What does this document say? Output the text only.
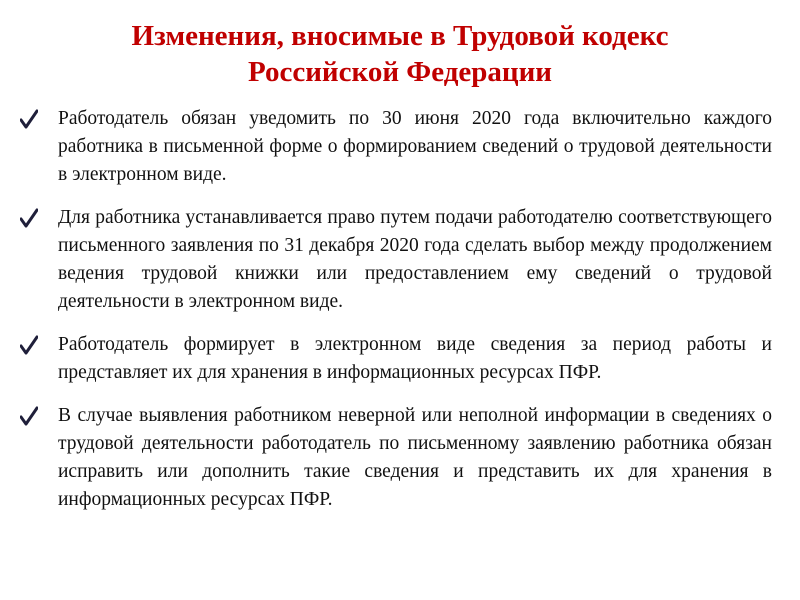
Изменения, вносимые в Трудовой кодекс
Российской Федерации
Работодатель обязан уведомить по 30 июня 2020 года включительно каждого работника в письменной форме о формированием сведений о трудовой деятельности в электронном виде.
Для работника устанавливается право путем подачи работодателю соответствующего письменного заявления по 31 декабря 2020 года сделать выбор между продолжением ведения трудовой книжки или предоставлением ему сведений о трудовой деятельности в электронном виде.
Работодатель формирует в электронном виде сведения за период работы и представляет их для хранения в информационных ресурсах ПФР.
В случае выявления работником неверной или неполной информации в сведениях о трудовой деятельности работодатель по письменному заявлению работника обязан исправить или дополнить такие сведения и представить их для хранения в информационных ресурсах ПФР.
